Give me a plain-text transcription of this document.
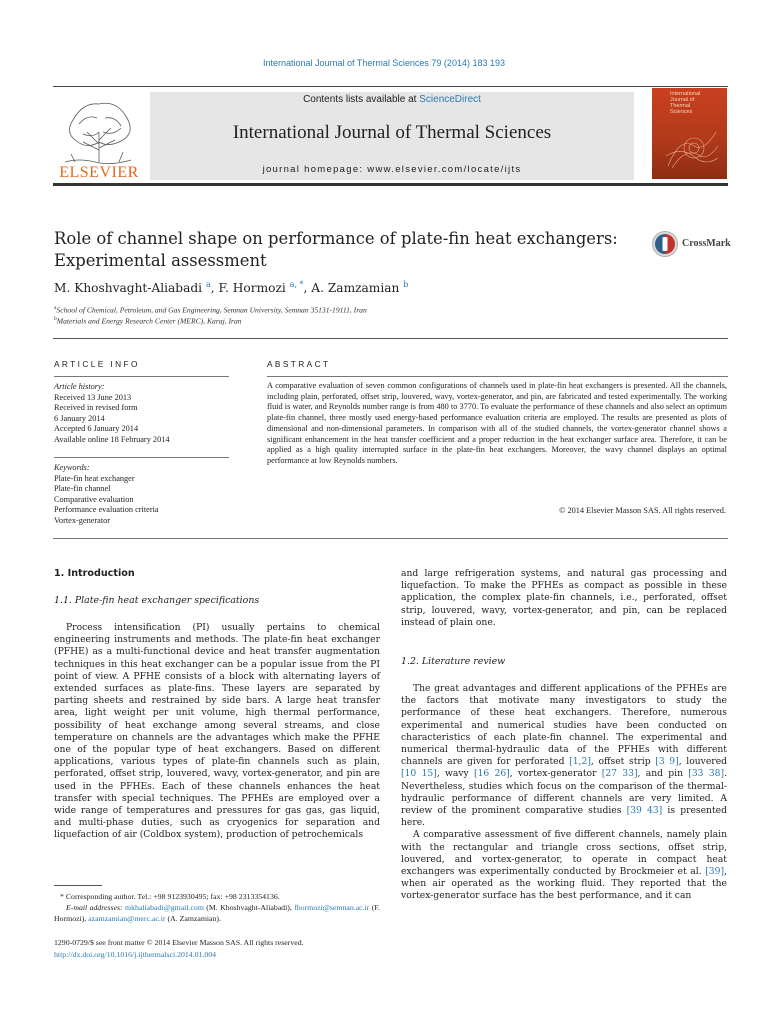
International Journal of Thermal Sciences 79 (2014) 183 193
ELSEVIER
Contents lists available at ScienceDirect
International Journal of Thermal Sciences
journal homepage: www.elsevier.com/locate/ijts
International Journal of Thermal Sciences
Role of channel shape on performance of plate-fin heat exchangers:
Experimental assessment
CrossMark
M. Khoshvaght-Aliabadi $^a$, F. Hormozi $^{a, *}$, A. Zamzamian $^b$
$^a$School of Chemical, Petroleum, and Gas Engineering, Semnan University, Semnan 35131-19111, Iran
$^b$Materials and Energy Research Center (MERC), Karaj, Iran
ARTICLE INFO
Article history:
Received 13 June 2013
Received in revised form
6 January 2014
Accepted 6 January 2014
Available online 18 February 2014
Keywords:
Plate-fin heat exchanger
Plate-fin channel
Comparative evaluation
Performance evaluation criteria
Vortex-generator
ABSTRACT
A comparative evaluation of seven common configurations of channels used in plate-fin heat exchangers is presented. All the channels, including plain, perforated, offset strip, louvered, wavy, vortex-generator, and pin, are fabricated and tested experimentally. The working fluid is water, and Reynolds number range is from 480 to 3770. To evaluate the performance of these channels and also select an optimum plate-fin channel, three mostly used energy-based performance evaluation criteria are employed. The results are presented as plots of dimensional and non-dimensional parameters. In comparison with all of the studied channels, the vortex-generator channel shows a significant enhancement in the heat transfer coefficient and a proper reduction in the heat exchanger surface area. Therefore, it can be applied as a high quality interrupted surface in the plate-fin heat exchangers. Moreover, the wavy channel displays an optimal performance at low Reynolds numbers.
© 2014 Elsevier Masson SAS. All rights reserved.
1. Introduction
1.1. Plate-fin heat exchanger specifications

Process intensification (PI) usually pertains to chemical engineering instruments and methods. The plate-fin heat exchanger (PFHE) as a multi-functional device and heat transfer augmentation techniques in this heat exchanger can be a popular issue from the PI point of view. A PFHE consists of a block with alternating layers of extended surfaces as plate-fins. These layers are separated by parting sheets and restrained by side bars. A large heat transfer area, light weight per unit volume, high thermal performance, possibility of heat exchange among several streams, and close temperature on channels are the advantages which make the PFHE one of the popular type of heat exchangers. Based on different applications, various types of plate-fin channels such as plain, perforated, offset strip, louvered, wavy, vortex-generator, and pin are used in the PFHEs. Each of these channels enhances the heat transfer with special techniques. The PFHEs are employed over a wide range of temperatures and pressures for gas gas, gas liquid, and multi-phase duties, such as cryogenics for separation and liquefaction of air (Coldbox system), production of petrochemicals

* Corresponding author. Tel.: +98 9123930495; fax: +98 2313354136.
E-mail addresses: mkhaliabadi@gmail.com (M. Khoshvaght-Aliabadi), fhormozi@semnan.ac.ir (F. Hormozi), azamzamian@merc.ac.ir (A. Zamzamian).
1290-0729/$ see front matter © 2014 Elsevier Masson SAS. All rights reserved.
http://dx.doi.org/10.1016/j.ijthermalsci.2014.01.004
and large refrigeration systems, and natural gas processing and liquefaction. To make the PFHEs as compact as possible in these application, the complex plate-fin channels, i.e., perforated, offset strip, louvered, wavy, vortex-generator, and pin, can be replaced instead of plain one.
1.2. Literature review

The great advantages and different applications of the PFHEs are the factors that motivate many investigators to study the performance of these heat exchangers. Therefore, numerous experimental and numerical studies have been conducted on characteristics of each plate-fin channel. The experimental and numerical thermal-hydraulic data of the PFHEs with different channels are given for perforated [1,2], offset strip [3 9], louvered [10 15], wavy [16 26], vortex-generator [27 33], and pin [33 38]. Nevertheless, studies which focus on the comparison of the thermal-hydraulic performance of different channels are very limited. A review of the prominent comparative studies [39 43] is presented here.

A comparative assessment of five different channels, namely plain with the rectangular and triangle cross sections, offset strip, louvered, and vortex-generator, to operate in compact heat exchangers was experimentally conducted by Brockmeier et al. [39], when air operated as the working fluid. They reported that the vortex-generator surface has the best performance, and it can
